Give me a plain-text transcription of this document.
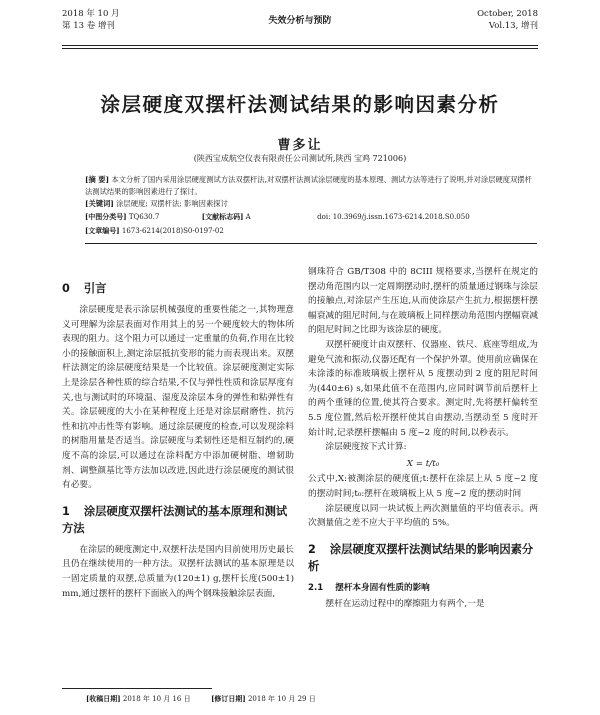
2018 年 10 月
第 13 卷 增刊	失效分析与预防
October, 2018
Vol.13, 增刊
涂层硬度双摆杆法测试结果的影响因素分析
曹多让
(陕西宝成航空仪表有限责任公司测试所,陕西 宝鸡 721006)
[摘 要] 本文分析了国内采用涂层硬度测试方法双摆杆法,对双摆杆法测试涂层硬度的基本原理、测试方法等进行了说明,并对涂层硬度双摆杆法测试结果的影响因素进行了探讨。
[关键词] 涂层硬度; 双摆杆法; 影响因素探讨
[中图分类号] TQ630.7	[文献标志码] A	doi: 10.3969/j.issn.1673-6214.2018.S0.050
[文章编号] 1673-6214(2018)S0-0197-02
0 引言

涂层硬度是表示涂层机械强度的重要性能之一,其物理意义可理解为涂层表面对作用其上的另一个硬度较大的物体所表现的阻力。这个阻力可以通过一定重量的负荷,作用在比较小的接触面积上,测定涂层抵抗变形的能力而表现出来。双摆杆法测定的涂层硬度结果是一个比较值。涂层硬度测定实际上是涂层各种性质的综合结果,不仅与弹性性质和涂层厚度有关,也与测试时的环境温、湿度及涂层本身的弹性和粘弹性有关。涂层硬度的大小在某种程度上还是对涂层耐磨性、抗污性和抗冲击性等有影响。通过涂层硬度的检查,可以发现涂料的树脂用量是否适当。涂层硬度与柔韧性还是相互制约的,硬度不高的涂层,可以通过在涂料配方中添加硬树脂、增韧助剂、调整颜基比等方法加以改进,因此进行涂层硬度的测试很有必要。

1 涂层硬度双摆杆法测试的基本原理和测试方法

在涂层的硬度测定中,双摆杆法是国内目前使用历史最长且仍在继续使用的一种方法。双摆杆法测试的基本原理是以一固定质量的双摆,总质量为(120±1) g,摆杆长度(500±1) mm,通过摆杆的摆杆下面嵌入的两个钢珠接触涂层表面,

钢珠符合 GB/T308 中的 8CIII 规格要求,当摆杆在规定的摆动角范围内以一定周期摆动时,摆杆的质量通过钢珠与涂层的接触点,对涂层产生压迫,从而使涂层产生抗力,根据摆杆摆幅衰减的阻尼时间,与在玻璃板上同样摆动角范围内摆幅衰减的阻尼时间之比即为该涂层的硬度。

双摆杆硬度计由双摆杆、仪器座、铁尺、底座等组成,为避免气流和振动,仪器还配有一个保护外罩。使用前应确保在未涂漆的标准玻璃板上摆杆从 5 度摆动到 2 度的阻尼时间为(440±6) s,如果此值不在范围内,应同时调节前后摆杆上的两个重锤的位置,使其符合要求。测定时,先将摆杆偏转至 5.5 度位置,然后松开摆杆使其自由摆动,当摆动至 5 度时开始计时,记录摆杆摆幅由 5 度~2 度的时间,以秒表示。

涂层硬度按下式计算:

X = t/t₀

公式中,X:被测涂层的硬度值;t:摆杆在涂层上从 5 度~2 度的摆动时间;t₀:摆杆在玻璃板上从 5 度~2 度的摆动时间

涂层硬度以同一块试板上两次测量值的平均值表示。两次测量值之差不应大于平均值的 5%。

2 涂层硬度双摆杆法测试结果的影响因素分析
2.1 摆杆本身固有性质的影响

摆杆在运动过程中的摩擦阻力有两个,一是

[收稿日期] 2018 年 10 月 16 日	[修订日期] 2018 年 10 月 29 日
